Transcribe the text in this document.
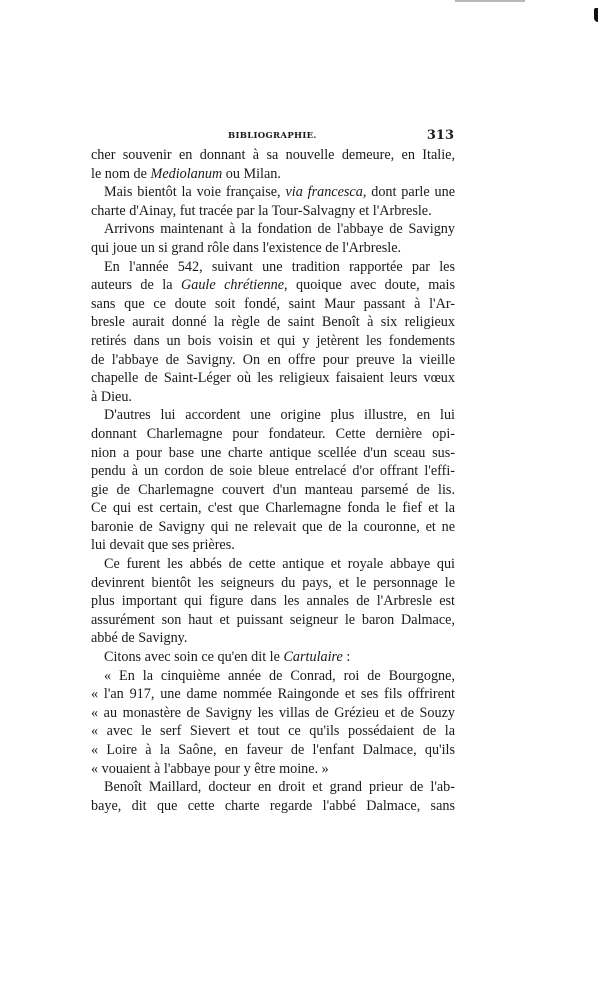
BIBLIOGRAPHIE.	313
cher souvenir en donnant à sa nouvelle demeure, en Italie,
le nom de Mediolanum ou Milan.
Mais bientôt la voie française, via francesca, dont parle une
charte d'Ainay, fut tracée par la Tour-Salvagny et l'Arbresle.
Arrivons maintenant à la fondation de l'abbaye de Savigny
qui joue un si grand rôle dans l'existence de l'Arbresle.
En l'année 542, suivant une tradition rapportée par les
auteurs de la Gaule chrétienne, quoique avec doute, mais
sans que ce doute soit fondé, saint Maur passant à l'Ar-
bresle aurait donné la règle de saint Benoît à six religieux
retirés dans un bois voisin et qui y jetèrent les fondements
de l'abbaye de Savigny. On en offre pour preuve la vieille
chapelle de Saint-Léger où les religieux faisaient leurs vœux
à Dieu.
D'autres lui accordent une origine plus illustre, en lui
donnant Charlemagne pour fondateur. Cette dernière opi-
nion a pour base une charte antique scellée d'un sceau sus-
pendu à un cordon de soie bleue entrelacé d'or offrant l'effi-
gie de Charlemagne couvert d'un manteau parsemé de lis.
Ce qui est certain, c'est que Charlemagne fonda le fief et la
baronie de Savigny qui ne relevait que de la couronne, et ne
lui devait que ses prières.
Ce furent les abbés de cette antique et royale abbaye qui
devinrent bientôt les seigneurs du pays, et le personnage le
plus important qui figure dans les annales de l'Arbresle est
assurément son haut et puissant seigneur le baron Dalmace,
abbé de Savigny.
Citons avec soin ce qu'en dit le Cartulaire :
« En la cinquième année de Conrad, roi de Bourgogne,
« l'an 917, une dame nommée Raingonde et ses fils offrirent
« au monastère de Savigny les villas de Grézieu et de Souzy
« avec le serf Sievert et tout ce qu'ils possédaient de la
« Loire à la Saône, en faveur de l'enfant Dalmace, qu'ils
« vouaient à l'abbaye pour y être moine. »
Benoît Maillard, docteur en droit et grand prieur de l'ab-
baye, dit que cette charte regarde l'abbé Dalmace, sans
